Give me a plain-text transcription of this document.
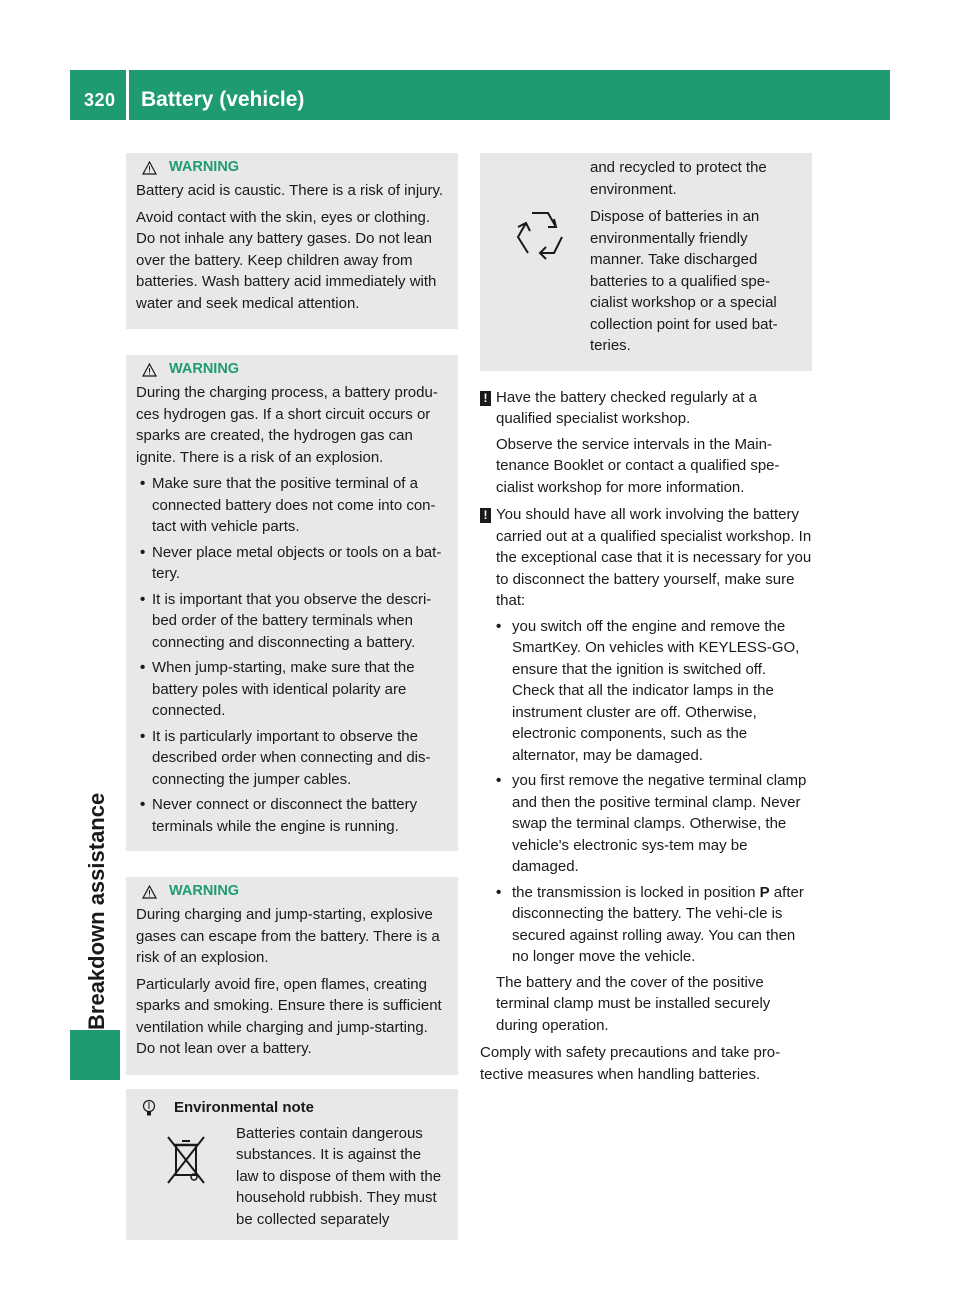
320 Battery (vehicle)
Breakdown assistance
WARNING

Battery acid is caustic. There is a risk of injury.

Avoid contact with the skin, eyes or clothing. Do not inhale any battery gases. Do not lean over the battery. Keep children away from batteries. Wash battery acid immediately with water and seek medical attention.

WARNING

During the charging process, a battery produ-ces hydrogen gas. If a short circuit occurs or sparks are created, the hydrogen gas can ignite. There is a risk of an explosion.

• Make sure that the positive terminal of a connected battery does not come into con-tact with vehicle parts.
• Never place metal objects or tools on a bat-tery.
• It is important that you observe the descri-bed order of the battery terminals when connecting and disconnecting a battery.
• When jump-starting, make sure that the battery poles with identical polarity are connected.
• It is particularly important to observe the described order when connecting and dis-connecting the jumper cables.
• Never connect or disconnect the battery terminals while the engine is running.
WARNING

During charging and jump-starting, explosive gases can escape from the battery. There is a risk of an explosion.

Particularly avoid fire, open flames, creating sparks and smoking. Ensure there is sufficient ventilation while charging and jump-starting. Do not lean over a battery.

Environmental note
Batteries contain dangerous substances. It is against the law to dispose of them with the household rubbish. They must be collected separately

and recycled to protect the environment.

Dispose of batteries in an environmentally friendly manner. Take discharged batteries to a qualified spe-cialist workshop or a special collection point for used bat-teries.

! Have the battery checked regularly at a qualified specialist workshop.

Observe the service intervals in the Main-tenance Booklet or contact a qualified spe-cialist workshop for more information.

! You should have all work involving the battery carried out at a qualified specialist workshop. In the exceptional case that it is necessary for you to disconnect the battery yourself, make sure that:
• you switch off the engine and remove the SmartKey. On vehicles with KEYLESS-GO, ensure that the ignition is switched off. Check that all the indicator lamps in the instrument cluster are off. Otherwise, electronic components, such as the alternator, may be damaged.
• you first remove the negative terminal clamp and then the positive terminal clamp. Never swap the terminal clamps. Otherwise, the vehicle's electronic sys-tem may be damaged.
• the transmission is locked in position P after disconnecting the battery. The vehi-cle is secured against rolling away. You can then no longer move the vehicle.

The battery and the cover of the positive terminal clamp must be installed securely during operation.

Comply with safety precautions and take pro-tective measures when handling batteries.
